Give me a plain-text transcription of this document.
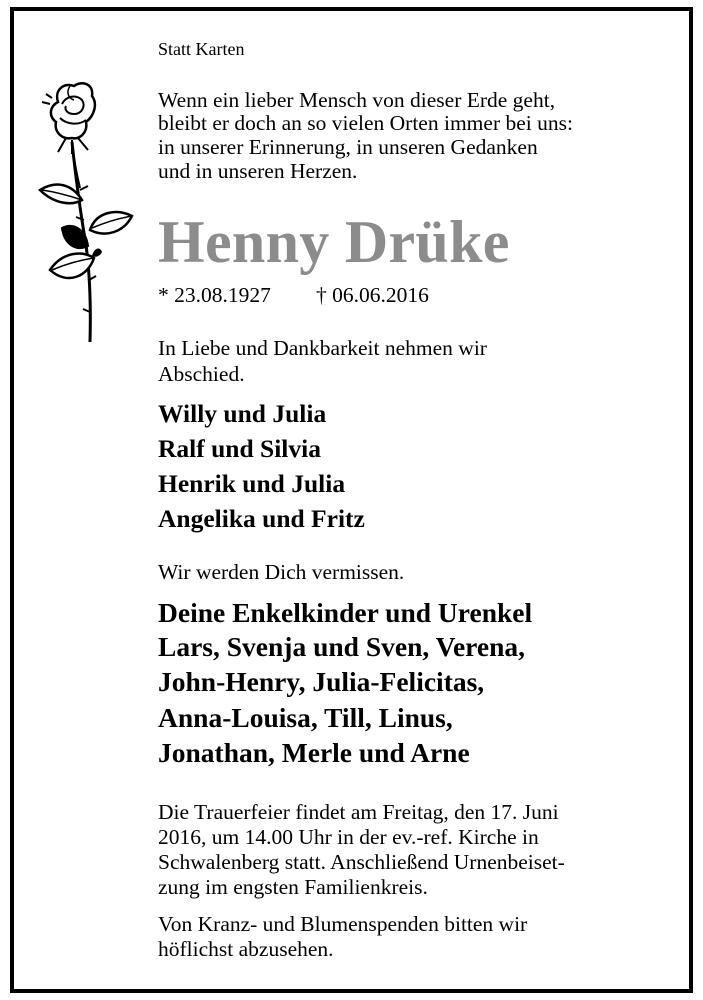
Statt Karten
Wenn ein lieber Mensch von dieser Erde geht,
bleibt er doch an so vielen Orten immer bei uns:
in unserer Erinnerung, in unseren Gedanken
und in unseren Herzen.
Henny Drüke
* 23.08.1927 † 06.06.2016
In Liebe und Dankbarkeit nehmen wir
Abschied.
Willy und Julia
Ralf und Silvia
Henrik und Julia
Angelika und Fritz
Wir werden Dich vermissen.
Deine Enkelkinder und Urenkel
Lars, Svenja und Sven, Verena,
John-Henry, Julia-Felicitas,
Anna-Louisa, Till, Linus,
Jonathan, Merle und Arne
Die Trauerfeier findet am Freitag, den 17. Juni
2016, um 14.00 Uhr in der ev.-ref. Kirche in
Schwalenberg statt. Anschließend Urnenbeiset-
zung im engsten Familienkreis.
Von Kranz- und Blumenspenden bitten wir
höflichst abzusehen.
